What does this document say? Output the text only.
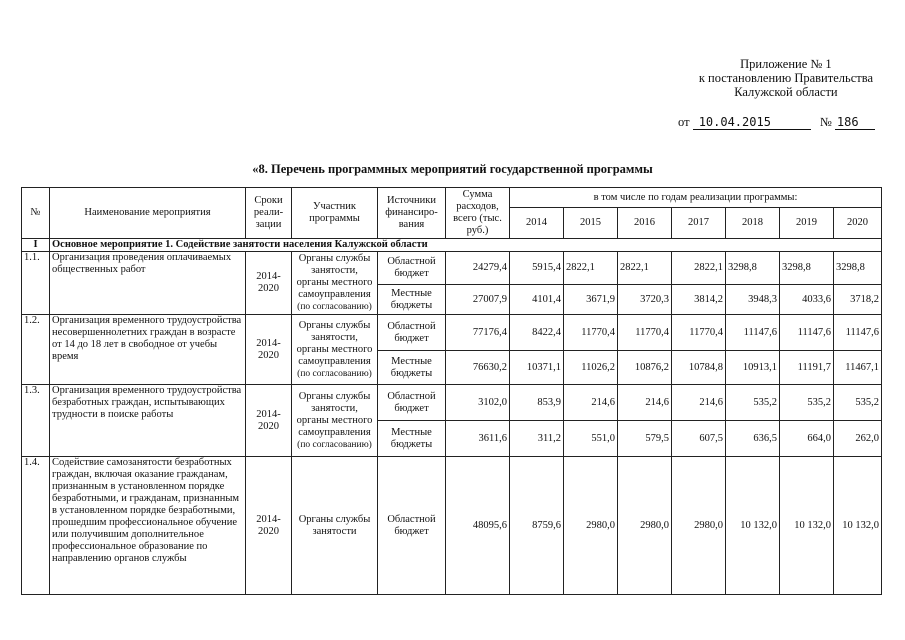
Приложение № 1
к постановлению Правительства
Калужской области
от 10.04.2015	№ 186
«8. Перечень программных мероприятий государственной программы
№	Наименование мероприятия	Сроки реали-зации	Участник программы	Источники финансиро-вания	Сумма расходов, всего (тыс. руб.)	в том числе по годам реализации программы:						
						2014	2015	2016	2017	2018	2019	2020
I	Основное мероприятие 1. Содействие занятости населения Калужской области											
1.1.	Организация проведения оплачиваемых общественных работ	2014-2020	Органы службы занятости, органы местного самоуправления
(по согласованию)	Областной бюджет	24279,4	5915,4	2822,1	2822,1	2822,1	3298,8	3298,8	3298,8
				Местные бюджеты	27007,9	4101,4	3671,9	3720,3	3814,2	3948,3	4033,6	3718,2
1.2.	Организация временного трудоустройства несовершеннолетних граждан в возрасте от 14 до 18 лет в свободное от учебы время	2014-2020	Органы службы занятости, органы местного самоуправления
(по согласованию)	Областной бюджет	77176,4	8422,4	11770,4	11770,4	11770,4	11147,6	11147,6	11147,6
				Местные бюджеты	76630,2	10371,1	11026,2	10876,2	10784,8	10913,1	11191,7	11467,1
1.3.	Организация временного трудоустройства безработных граждан, испытывающих трудности в поиске работы	2014-2020	Органы службы занятости, органы местного самоуправления
(по согласованию)	Областной бюджет	3102,0	853,9	214,6	214,6	214,6	535,2	535,2	535,2
				Местные бюджеты	3611,6	311,2	551,0	579,5	607,5	636,5	664,0	262,0
1.4.	Содействие самозанятости безработных граждан, включая оказание гражданам, признанным в установленном порядке безработными, и гражданам, признанным в установленном порядке безработными, прошедшим профессиональное обучение или получившим дополнительное профессиональное образование по направлению органов службы	2014-2020	Органы службы занятости	Областной бюджет	48095,6	8759,6	2980,0	2980,0	2980,0	10 132,0	10 132,0	10 132,0
